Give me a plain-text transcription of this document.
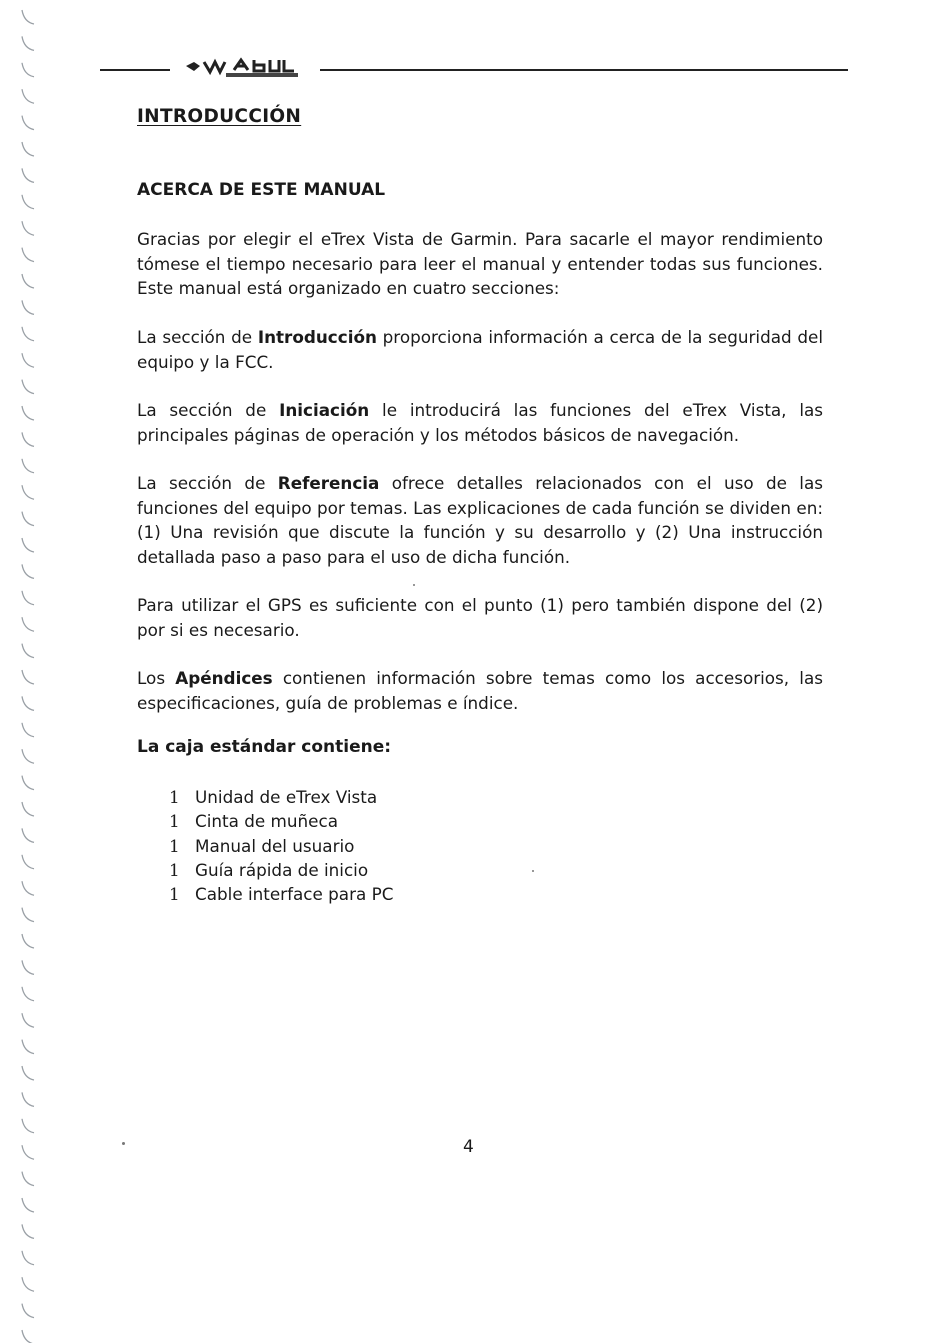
INTRODUCCIÓN
ACERCA DE ESTE MANUAL

Gracias por elegir el eTrex Vista de Garmin. Para sacarle el mayor rendimiento tómese el tiempo necesario para leer el manual y entender todas sus funciones. Este manual está organizado en cuatro secciones:

La sección de Introducción proporciona información a cerca de la seguridad del equipo y la FCC.

La sección de Iniciación le introducirá las funciones del eTrex Vista, las principales páginas de operación y los métodos básicos de navegación.

La sección de Referencia ofrece detalles relacionados con el uso de las funciones del equipo por temas. Las explicaciones de cada función se dividen en: (1) Una revisión que discute la función y su desarrollo y (2) Una instrucción detallada paso a paso para el uso de dicha función.

Para utilizar el GPS es suficiente con el punto (1) pero también dispone del (2) por si es necesario.

Los Apéndices contienen información sobre temas como los accesorios, las especificaciones, guía de problemas e índice.

La caja estándar contiene:
1 Unidad de eTrex Vista
1 Cinta de muñeca
1 Manual del usuario
1 Guía rápida de inicio
1 Cable interface para PC
4
